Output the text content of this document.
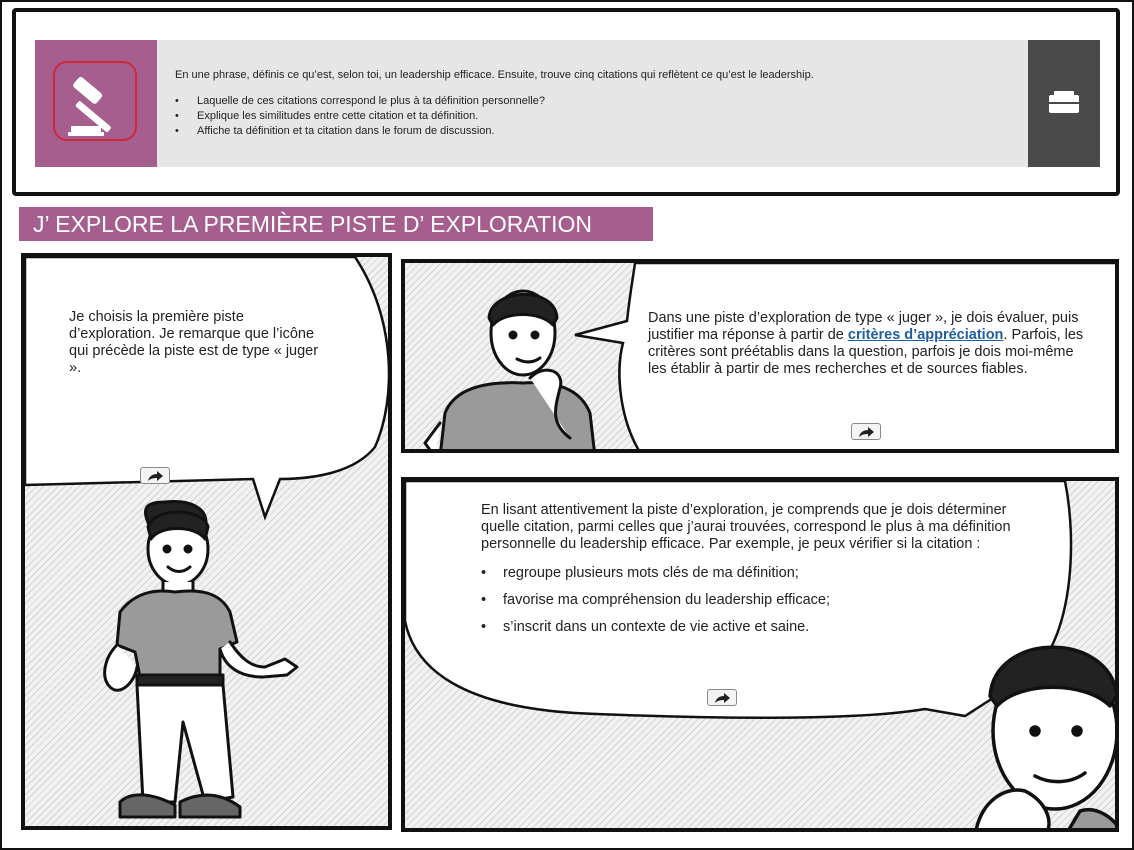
En une phrase, définis ce qu’est, selon toi, un leadership efficace. Ensuite, trouve cinq citations qui reflètent ce qu’est le leadership.
• Laquelle de ces citations correspond le plus à ta définition personnelle?
• Explique les similitudes entre cette citation et ta définition.
• Affiche ta définition et ta citation dans le forum de discussion.
J’ EXPLORE LA PREMIÈRE PISTE D’ EXPLORATION
Je choisis la première piste d’exploration. Je remarque que l’icône qui précède la piste est de type « juger ».
Dans une piste d’exploration de type « juger », je dois évaluer, puis justifier ma réponse à partir de critères d’appréciation. Parfois, les critères sont préétablis dans la question, parfois je dois moi-même les établir à partir de mes recherches et de sources fiables.
En lisant attentivement la piste d’exploration, je comprends que je dois déterminer quelle citation, parmi celles que j’aurai trouvées, correspond le plus à ma définition personnelle du leadership efficace. Par exemple, je peux vérifier si la citation :
• regroupe plusieurs mots clés de ma définition;
• favorise ma compréhension du leadership efficace;
• s’inscrit dans un contexte de vie active et saine.
